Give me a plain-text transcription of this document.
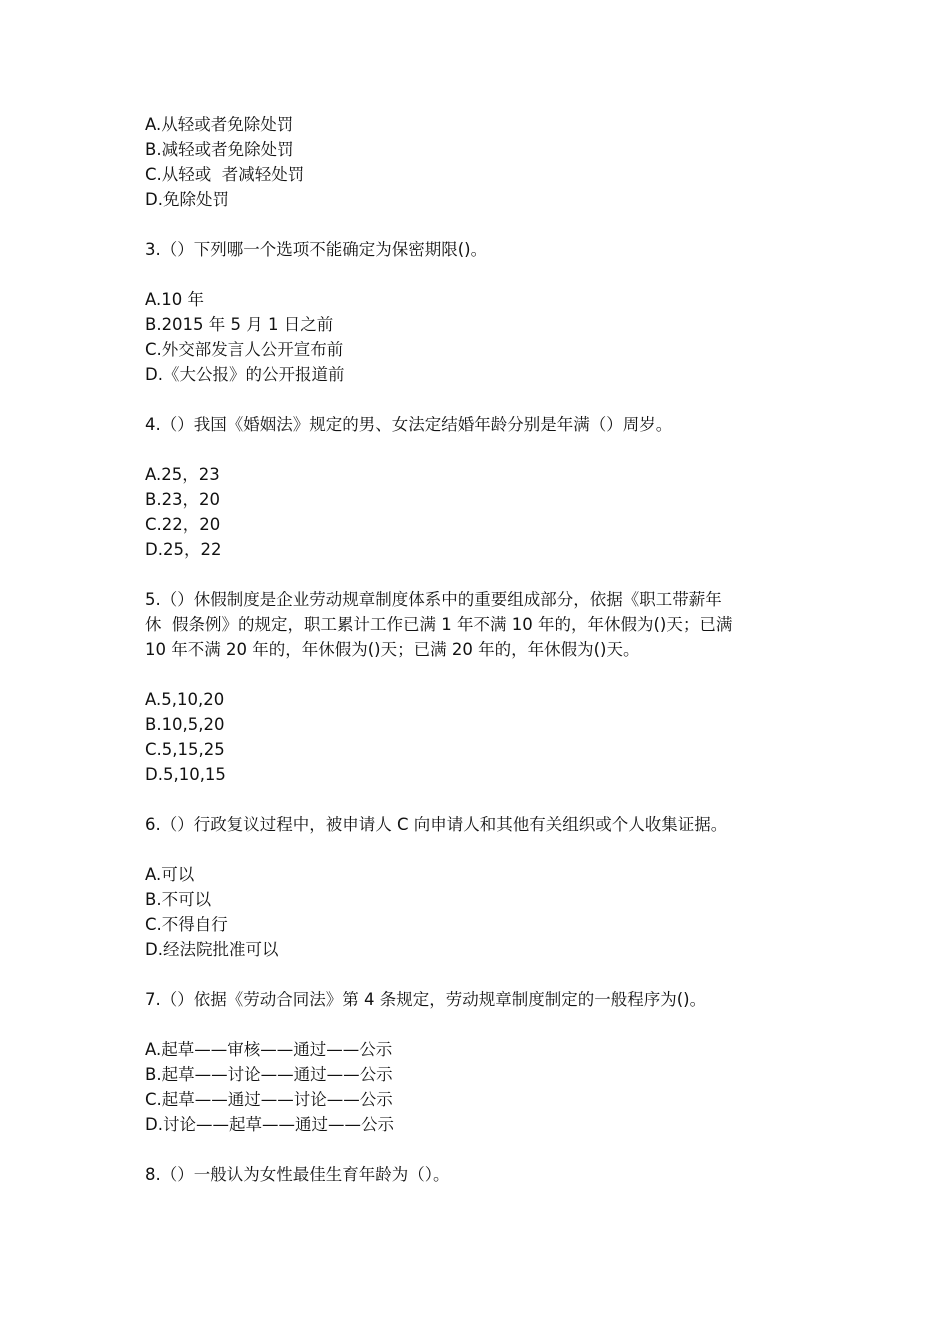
A.从轻或者免除处罚

B.减轻或者免除处罚

C.从轻或  者减轻处罚

D.免除处罚

3.（）下列哪一个选项不能确定为保密期限()。

A.10 年

B.2015 年 5 月 1 日之前

C.外交部发言人公开宣布前

D.《大公报》的公开报道前

4.（）我国《婚姻法》规定的男、女法定结婚年龄分别是年满（）周岁。

A.25，23

B.23，20

C.22，20

D.25，22

5.（）休假制度是企业劳动规章制度体系中的重要组成部分，依据《职工带薪年

休  假条例》的规定，职工累计工作已满 1 年不满 10 年的，年休假为()天；已满

10 年不满 20 年的，年休假为()天；已满 20 年的，年休假为()天。

A.5,10,20

B.10,5,20

C.5,15,25

D.5,10,15

6.（）行政复议过程中，被申请人 C 向申请人和其他有关组织或个人收集证据。

A.可以

B.不可以

C.不得自行

D.经法院批准可以

7.（）依据《劳动合同法》第 4 条规定，劳动规章制度制定的一般程序为()。

A.起草——审核——通过——公示

B.起草——讨论——通过——公示

C.起草——通过——讨论——公示

D.讨论——起草——通过——公示

8.（）一般认为女性最佳生育年龄为（）。
